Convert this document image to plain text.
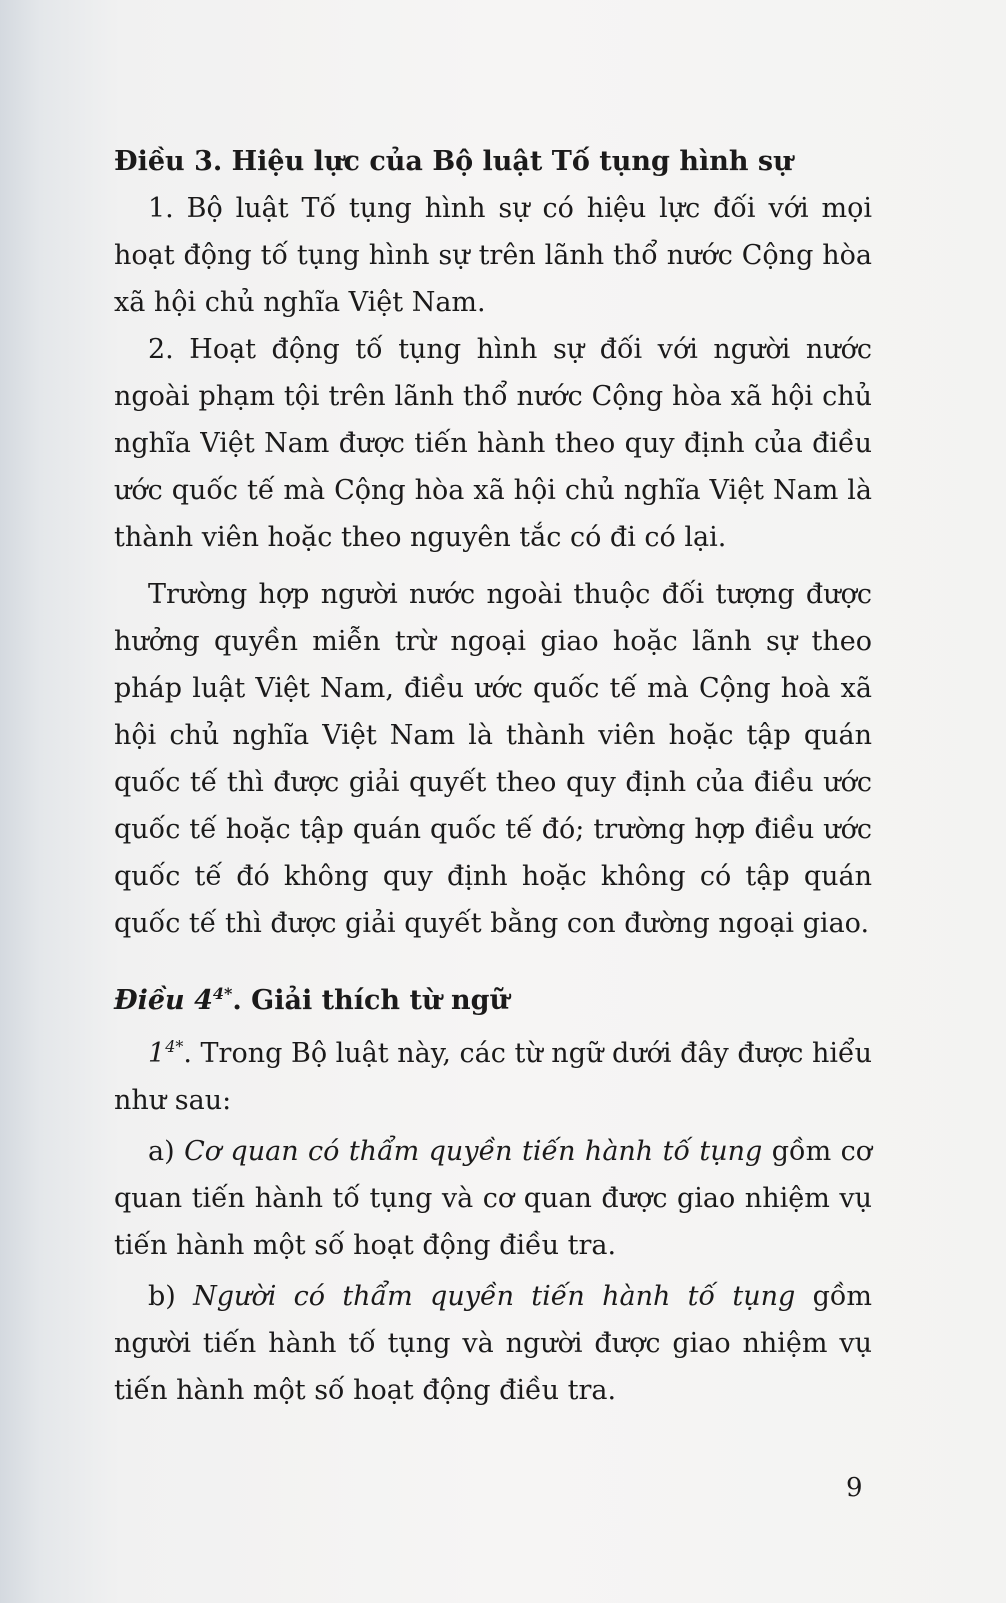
Điều 3. Hiệu lực của Bộ luật Tố tụng hình sự

1. Bộ luật Tố tụng hình sự có hiệu lực đối với mọi hoạt động tố tụng hình sự trên lãnh thổ nước Cộng hòa xã hội chủ nghĩa Việt Nam.

2. Hoạt động tố tụng hình sự đối với người nước ngoài phạm tội trên lãnh thổ nước Cộng hòa xã hội chủ nghĩa Việt Nam được tiến hành theo quy định của điều ước quốc tế mà Cộng hòa xã hội chủ nghĩa Việt Nam là thành viên hoặc theo nguyên tắc có đi có lại.

Trường hợp người nước ngoài thuộc đối tượng được hưởng quyền miễn trừ ngoại giao hoặc lãnh sự theo pháp luật Việt Nam, điều ước quốc tế mà Cộng hoà xã hội chủ nghĩa Việt Nam là thành viên hoặc tập quán quốc tế thì được giải quyết theo quy định của điều ước quốc tế hoặc tập quán quốc tế đó; trường hợp điều ước quốc tế đó không quy định hoặc không có tập quán quốc tế thì được giải quyết bằng con đường ngoại giao.

Điều $4^{4*}$. Giải thích từ ngữ

$1^{4*}$. Trong Bộ luật này, các từ ngữ dưới đây được hiểu như sau:

a) Cơ quan có thẩm quyền tiến hành tố tụng gồm cơ quan tiến hành tố tụng và cơ quan được giao nhiệm vụ tiến hành một số hoạt động điều tra.

b) Người có thẩm quyền tiến hành tố tụng gồm người tiến hành tố tụng và người được giao nhiệm vụ tiến hành một số hoạt động điều tra.

9
